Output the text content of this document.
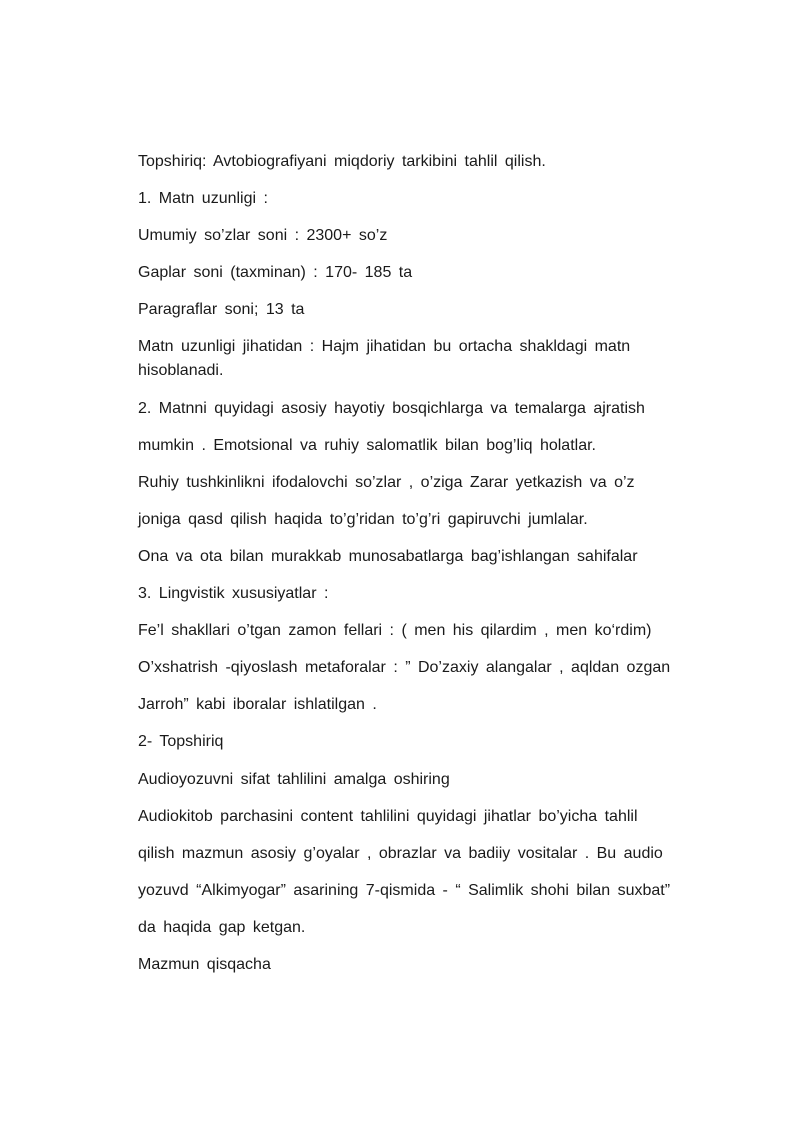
Topshiriq: Avtobiografiyani miqdoriy tarkibini tahlil qilish.
1. Matn uzunligi :
Umumiy so’zlar soni : 2300+ so’z
Gaplar soni (taxminan) : 170- 185 ta
Paragraflar soni; 13 ta
Matn uzunligi jihatidan : Hajm jihatidan bu ortacha shakldagi matn
hisoblanadi.
2. Matnni quyidagi asosiy hayotiy bosqichlarga va temalarga ajratish
mumkin . Emotsional va ruhiy salomatlik bilan bog’liq holatlar.
Ruhiy tushkinlikni ifodalovchi so’zlar , o’ziga Zarar yetkazish va o’z
joniga qasd qilish haqida to’g’ridan to’g’ri gapiruvchi jumlalar.
Ona va ota bilan murakkab munosabatlarga bag’ishlangan sahifalar
3. Lingvistik xususiyatlar :
Fe’l shakllari o’tgan zamon fellari : ( men his qilardim , men ko‘rdim)
O’xshatrish -qiyoslash metaforalar : ” Do’zaxiy alangalar , aqldan ozgan
Jarroh” kabi iboralar ishlatilgan .
2- Topshiriq
Audioyozuvni sifat tahlilini amalga oshiring
Audiokitob parchasini content tahlilini quyidagi jihatlar bo’yicha tahlil
qilish mazmun asosiy g’oyalar , obrazlar va badiiy vositalar . Bu audio
yozuvd “Alkimyogar” asarining 7-qismida - “ Salimlik shohi bilan suxbat”
da haqida gap ketgan.
Mazmun qisqacha
